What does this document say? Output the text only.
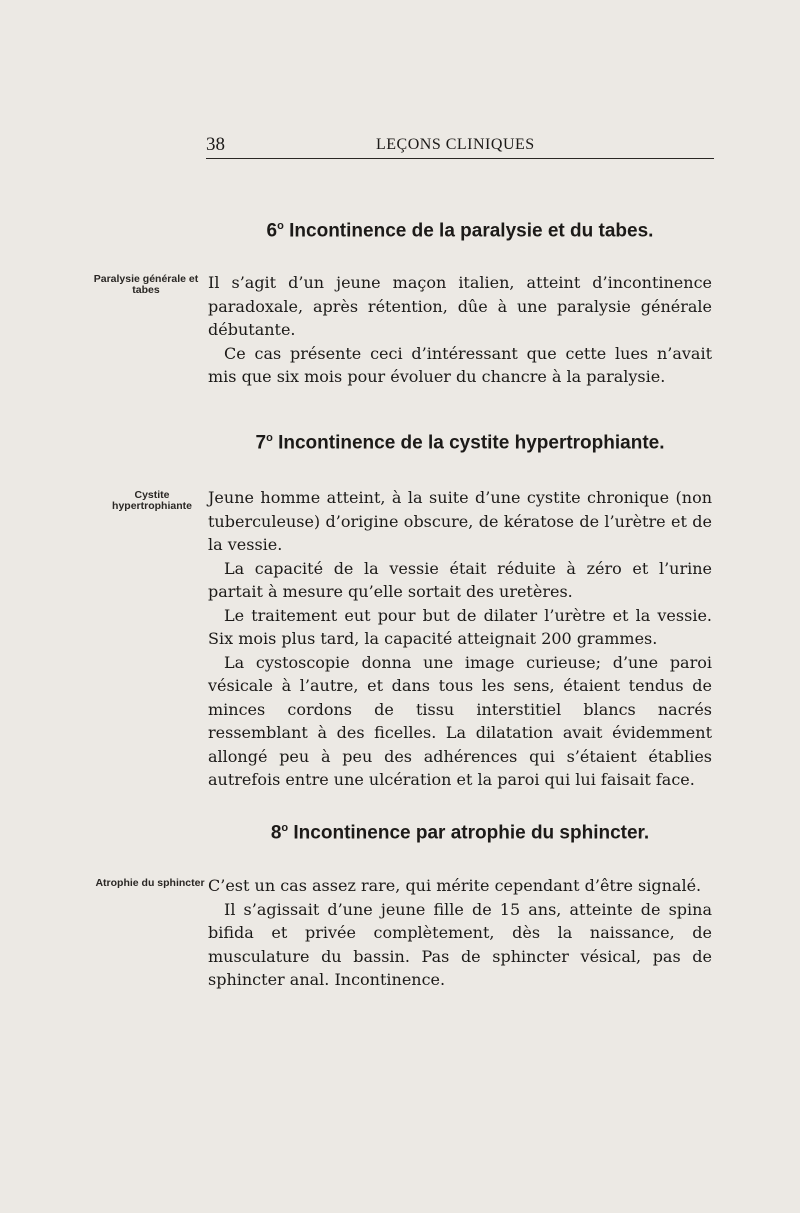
38	LEÇONS CLINIQUES
6$^o$ Incontinence de la paralysie et du tabes.
Paralysie générale et tabes	Il s’agit d’un jeune maçon italien, atteint d’incontinence paradoxale, après rétention, dûe à une paralysie générale débutante.

Ce cas présente ceci d’intéressant que cette lues n’avait mis que six mois pour évoluer du chancre à la paralysie.

7$^o$ Incontinence de la cystite hypertrophiante.
Cystite hypertrophiante	Jeune homme atteint, à la suite d’une cystite chronique (non tuberculeuse) d’origine obscure, de kératose de l’urètre et de la vessie.

La capacité de la vessie était réduite à zéro et l’urine partait à mesure qu’elle sortait des uretères.

Le traitement eut pour but de dilater l’urètre et la vessie. Six mois plus tard, la capacité atteignait 200 grammes.

La cystoscopie donna une image curieuse; d’une paroi vésicale à l’autre, et dans tous les sens, étaient tendus de minces cordons de tissu interstitiel blancs nacrés ressemblant à des ficelles. La dilatation avait évidemment allongé peu à peu des adhérences qui s’étaient établies autrefois entre une ulcération et la paroi qui lui faisait face.

8$^o$ Incontinence par atrophie du sphincter.
Atrophie du sphincter C’est un cas assez rare, qui mérite cependant d’être signalé.

Il s’agissait d’une jeune fille de 15 ans, atteinte de spina bifida et privée complètement, dès la naissance, de musculature du bassin. Pas de sphincter vésical, pas de sphincter anal. Incontinence.
